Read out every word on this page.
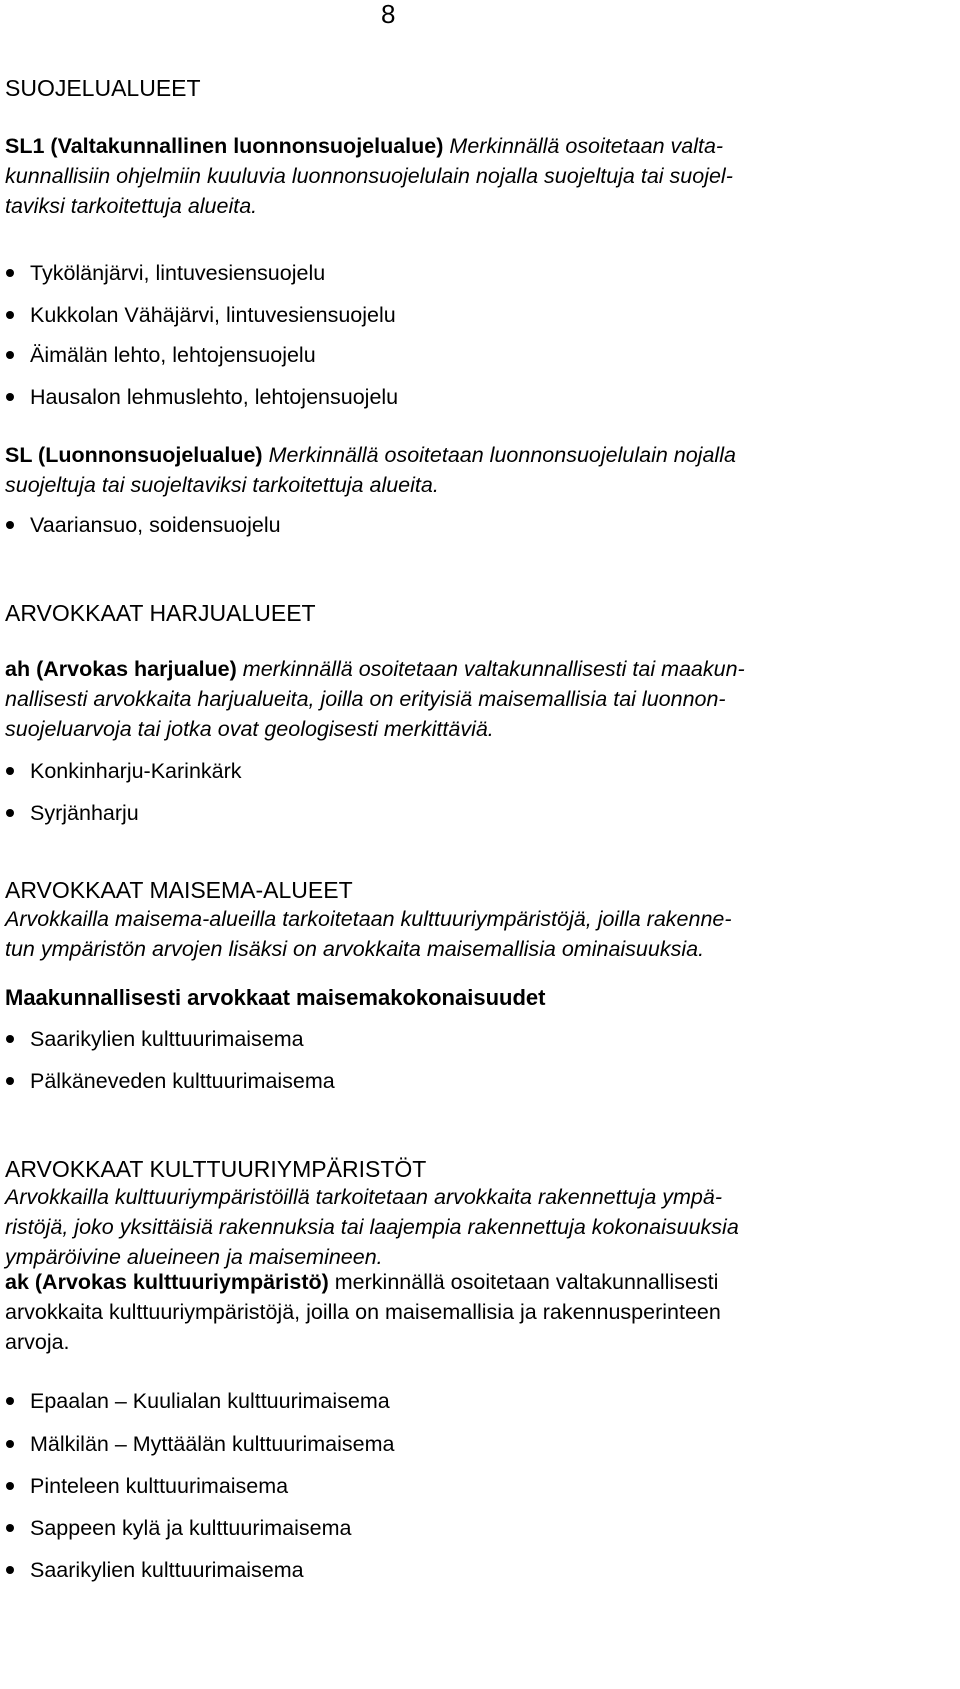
8
SUOJELUALUEET
SL1 (Valtakunnallinen luonnonsuojelualue) Merkinnällä osoitetaan valta-
kunnallisiin ohjelmiin kuuluvia luonnonsuojelulain nojalla suojeltuja tai suojel-
taviksi tarkoitettuja alueita.
Tykölänjärvi, lintuvesiensuojelu
Kukkolan Vähäjärvi, lintuvesiensuojelu
Äimälän lehto, lehtojensuojelu
Hausalon lehmuslehto, lehtojensuojelu
SL (Luonnonsuojelualue) Merkinnällä osoitetaan luonnonsuojelulain nojalla
suojeltuja tai suojeltaviksi tarkoitettuja alueita.
Vaariansuo, soidensuojelu
ARVOKKAAT HARJUALUEET
ah (Arvokas harjualue) merkinnällä osoitetaan valtakunnallisesti tai maakun-
nallisesti arvokkaita harjualueita, joilla on erityisiä maisemallisia tai luonnon-
suojeluarvoja tai jotka ovat geologisesti merkittäviä.
Konkinharju-Karinkärk
Syrjänharju
ARVOKKAAT MAISEMA-ALUEET
Arvokkailla maisema-alueilla tarkoitetaan kulttuuriympäristöjä, joilla rakenne-
tun ympäristön arvojen lisäksi on arvokkaita maisemallisia ominaisuuksia.
Maakunnallisesti arvokkaat maisemakokonaisuudet
Saarikylien kulttuurimaisema
Pälkäneveden kulttuurimaisema
ARVOKKAAT KULTTUURIYMPÄRISTÖT
Arvokkailla kulttuuriympäristöillä tarkoitetaan arvokkaita rakennettuja ympä-
ristöjä, joko yksittäisiä rakennuksia tai laajempia rakennettuja kokonaisuuksia
ympäröivine alueineen ja maisemineen.
ak (Arvokas kulttuuriympäristö) merkinnällä osoitetaan valtakunnallisesti
arvokkaita kulttuuriympäristöjä, joilla on maisemallisia ja rakennusperinteen
arvoja.
Epaalan – Kuulialan kulttuurimaisema
Mälkilän – Myttäälän kulttuurimaisema
Pinteleen kulttuurimaisema
Sappeen kylä ja kulttuurimaisema
Saarikylien kulttuurimaisema
